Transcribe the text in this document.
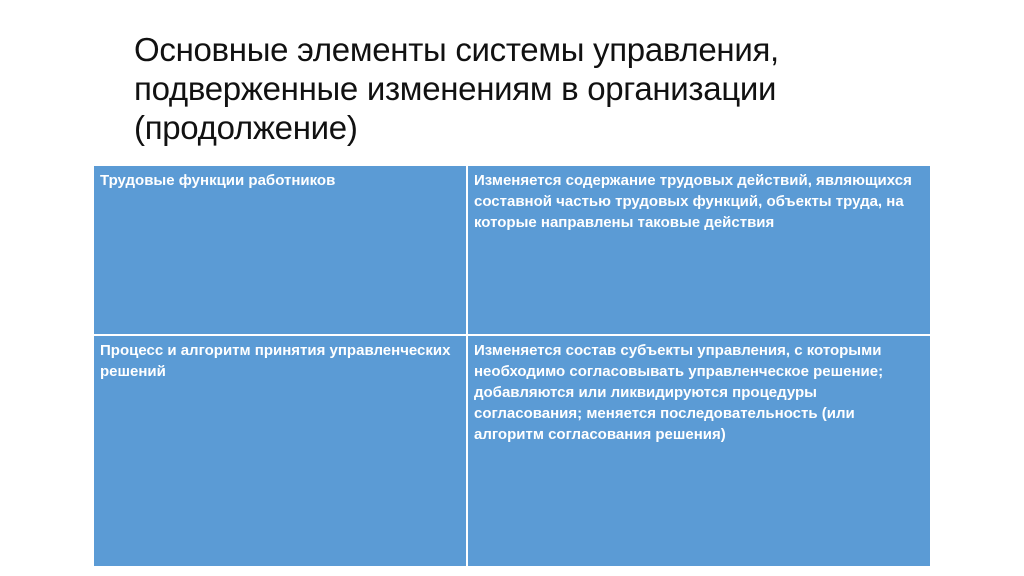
Основные элементы системы управления,
подверженные изменениям в организации
(продолжение)
Трудовые функции работников	Изменяется содержание трудовых действий, являющихся составной частью трудовых функций, объекты труда, на которые направлены таковые действия
Процесс и алгоритм принятия управленческих решений	Изменяется состав субъекты управления, с которыми необходимо согласовывать управленческое решение; добавляются или ликвидируются процедуры согласования; меняется последовательность (или алгоритм согласования решения)
